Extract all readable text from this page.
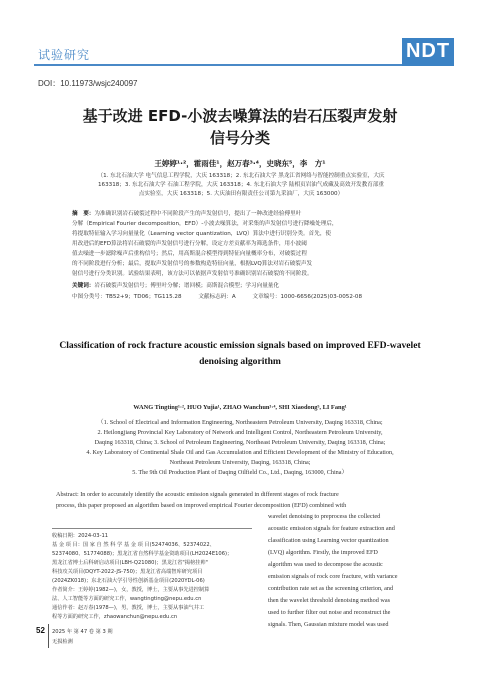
试验研究	NDT
DOI：10.11973/wsjc240097
基于改进 EFD-小波去噪算法的岩石压裂声发射
信号分类
王婷婷¹·²，霍雨佳¹，赵万春³·⁴，史晓东⁵，李　方¹
（1. 东北石油大学 电气信息工程学院，大庆 163318；2. 东北石油大学 黑龙江省网络与智能控制重点实验室，大庆
163318；3. 东北石油大学 石油工程学院，大庆 163318；4. 东北石油大学 陆相页岩油气成藏及高效开发教育部重
点实验室，大庆 163318；5. 大庆油田有限责任公司第九采油厂，大庆 163000）
摘　要：为准确识别岩石破裂过程中不同阶段产生的声发射信号，提出了一种改进经验傅里叶
分解（Empirical Fourier decomposition，EFD）-小波去噪算法，对采集的声发射信号进行降噪处理后，
将提取特征输入学习向量量化（Learning vector quantization，LVQ）算法中进行识别分类。首先，使
用改进后的EFD算法将岩石破裂的声发射信号进行分解，设定方差贡献率为筛选条件，用小波阈
值去噪进一步滤除噪声后重构信号；然后，用高斯混合模型得到特征向量概率分布，对破裂过程
的不同阶段进行分析；最后，提取声发射信号的参数构造特征向量，根据LVQ算法对岩石破裂声发
射信号进行分类识别。试验结果表明，该方法可以依据声发射信号准确识别岩石破裂的不同阶段。
关键词：岩石破裂声发射信号；傅里叶分解；谱回模；高斯混合模型；学习向量量化
中图分类号：TB52+9；TD06；TG115.28　　　文献标志码：A　　　文章编号：1000-6656(2025)03-0052-08
Classification of rock fracture acoustic emission signals based on improved EFD-wavelet
denoising algorithm
WANG Tingting¹·², HUO Yujia¹, ZHAO Wanchun³·⁴, SHI Xiaodong⁵, LI Fang¹
（1. School of Electrical and Information Engineering, Northeastern Petroleum University, Daqing 163318, China;
2. Heilongjiang Provincial Key Laboratory of Network and Intelligent Control, Northeastern Petroleum University,
Daqing 163318, China; 3. School of Petroleum Engineering, Northeast Petroleum University, Daqing 163318, China;
4. Key Laboratory of Continental Shale Oil and Gas Accumulation and Efficient Development of the Ministry of Education,
Northeast Petroleum University, Daqing, 163318, China;
5. The 9th Oil Production Plant of Daqing Oilfield Co., Ltd., Daqing, 163000, China）
Abstract: In order to accurately identify the acoustic emission signals generated in different stages of rock fracture
process, this paper proposed an algorithm based on improved empirical Fourier decomposition (EFD) combined with
wavelet denoising to preprocess the collected
acoustic emission signals for feature extraction and
classification using Learning vector quantization
(LVQ) algorithm. Firstly, the improved EFD
algorithm was used to decompose the acoustic
emission signals of rock core fracture, with variance
contribution rate set as the screening criterion, and
then the wavelet threshold denoising method was
used to further filter out noise and reconstruct the
signals. Then, Gaussian mixture model was used
收稿日期：2024-03-11
基 金 项 目：国 家 自 然 科 学 基 金 项 目(52474036、52374022、
52374080、51774088)；黑龙江省自然科学基金资助项目(LH2024E106)；
黑龙江省博士后科研启动项目(LBH-Q21080)；黑龙江省"揭榜挂帅"
科技攻关项目(DQYT-2022-JS-750)；黑龙江省高端智库研究项目
(2024ZK018)；东北石油大学引导性创新基金项目(2020YDL-06)
作者简介：王婷婷(1982—)，女，教授，博士，主要从事先进控制算
法、人工智能等方面的研究工作，wangtingting@nepu.edu.cn
通信作者：赵万春(1978—)，男，教授，博士，主要从事油气井工
程等方面的研究工作，zhaowanchun@nepu.edu.cn
52 2025 年 第 47 卷 第 3 期
无损检测
